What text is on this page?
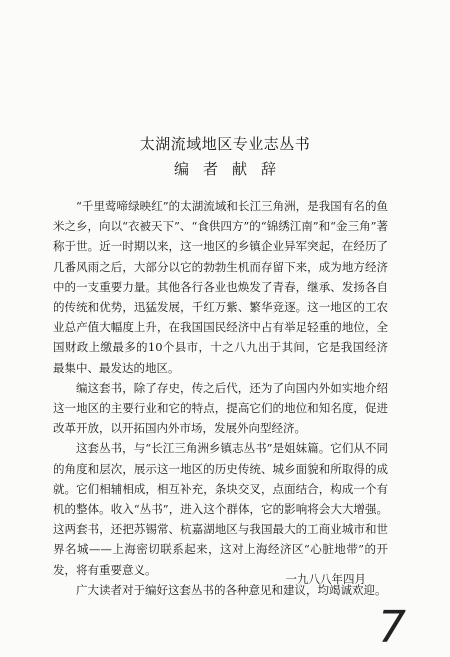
太湖流域地区专业志丛书
编者献辞

“千里莺啼绿映红”的太湖流域和长江三角洲，是我国有名的鱼米之乡，向以“衣被天下”、“食供四方”的“锦绣江南”和“金三角”著称于世。近一时期以来，这一地区的乡镇企业异军突起，在经历了几番风雨之后，大部分以它的勃勃生机而存留下来，成为地方经济中的一支重要力量。其他各行各业也焕发了青春，继承、发扬各自的传统和优势，迅猛发展，千红万紫、繁华竞逐。这一地区的工农业总产值大幅度上升，在我国国民经济中占有举足轻重的地位，全国财政上缴最多的10个县市，十之八九出于其间，它是我国经济最集中、最发达的地区。

编这套书，除了存史，传之后代，还为了向国内外如实地介绍这一地区的主要行业和它的特点，提高它们的地位和知名度，促进改革开放，以开拓国内外市场，发展外向型经济。

这套丛书，与“长江三角洲乡镇志丛书”是姐妹篇。它们从不同的角度和层次，展示这一地区的历史传统、城乡面貌和所取得的成就。它们相辅相成，相互补充，条块交叉，点面结合，构成一个有机的整体。收入“丛书”，进入这个群体，它的影响将会大大增强。这两套书，还把苏锡常、杭嘉湖地区与我国最大的工商业城市和世界名城——上海密切联系起来，这对上海经济区“心脏地带”的开发，将有重要意义。

广大读者对于编好这套丛书的各种意见和建议，均竭诚欢迎。

一九八八年四月
7
